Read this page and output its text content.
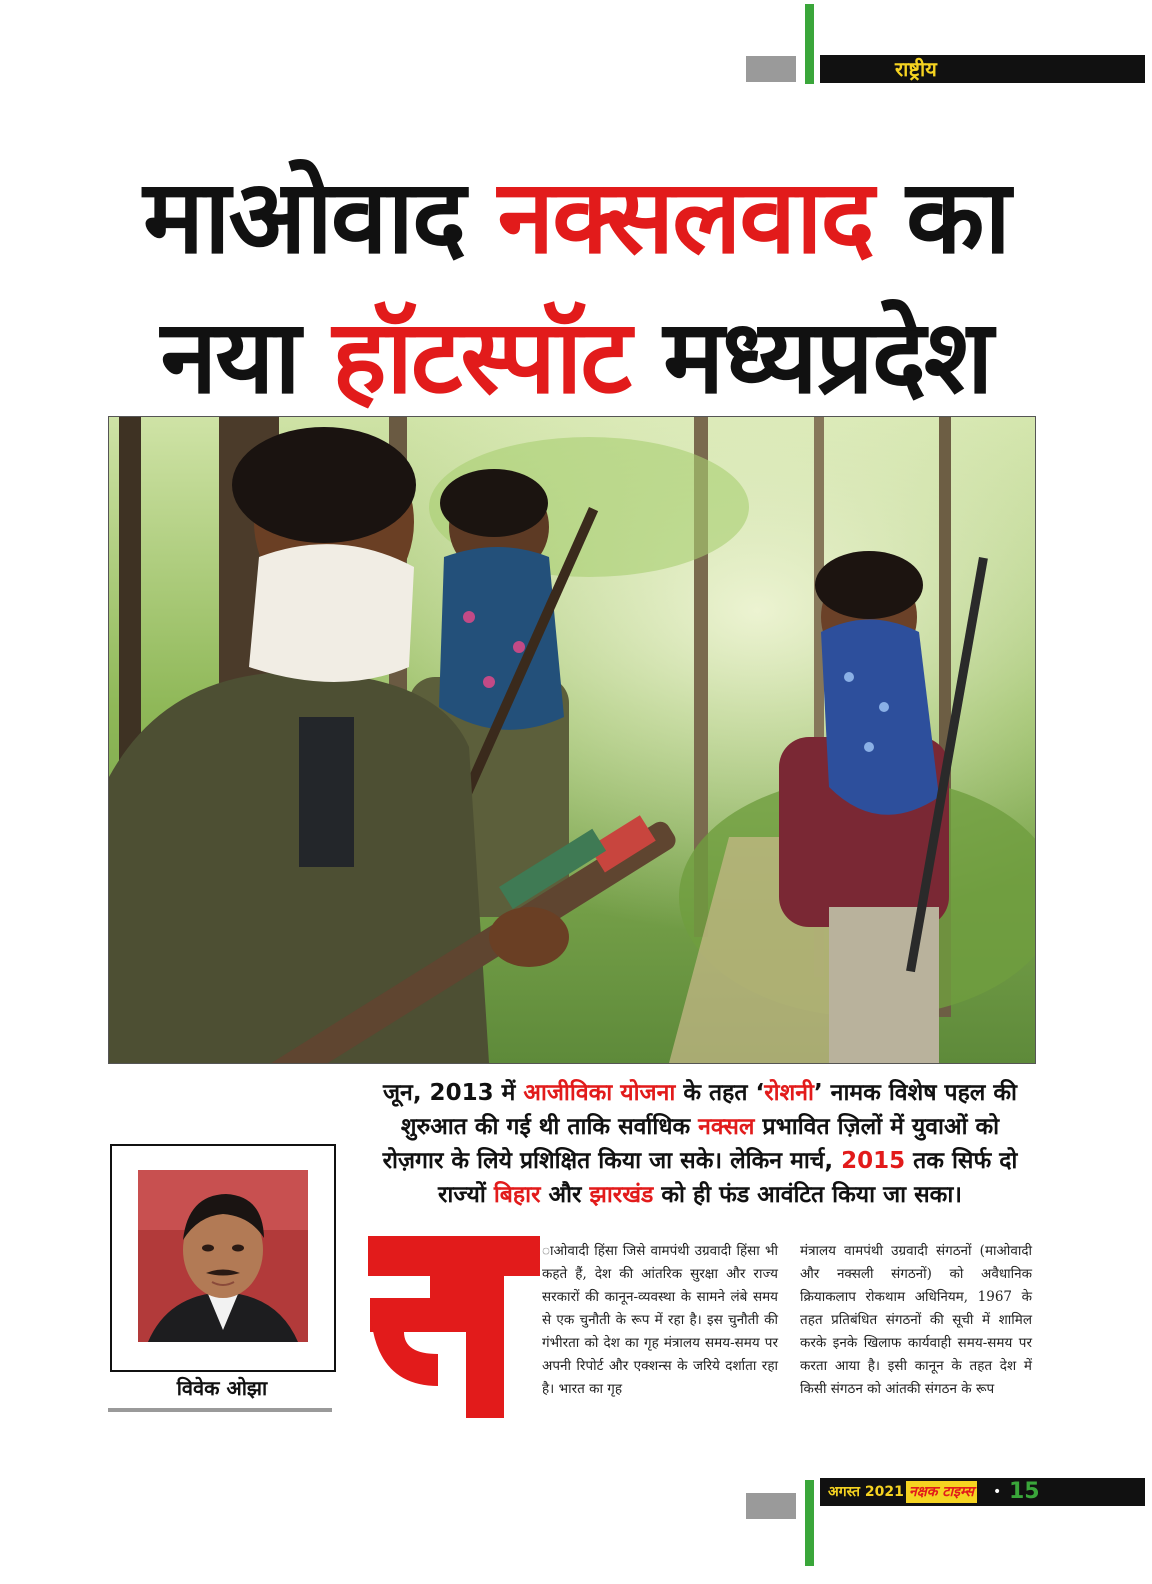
राष्ट्रीय
माओवाद नक्सलवाद का
नया हॉटस्पॉट मध्यप्रदेश
जून, 2013 में आजीविका योजना के तहत ‘रोशनी’ नामक विशेष पहल की शुरुआत की गई थी ताकि सर्वाधिक नक्सल प्रभावित ज़िलों में युवाओं को रोज़गार के लिये प्रशिक्षित किया जा सके। लेकिन मार्च, 2015 तक सिर्फ दो राज्यों बिहार और झारखंड को ही फंड आवंटित किया जा सका।
विवेक ओझा
ाओवादी हिंसा जिसे वामपंथी उग्रवादी हिंसा भी कहते हैं, देश की आंतरिक सुरक्षा और राज्य सरकारों की कानून-व्यवस्था के सामने लंबे समय से एक चुनौती के रूप में रहा है। इस चुनौती की गंभीरता को देश का गृह मंत्रालय समय-समय पर अपनी रिपोर्ट और एक्शन्स के जरिये दर्शाता रहा है। भारत का गृह
मंत्रालय वामपंथी उग्रवादी संगठनों (माओवादी और नक्सली संगठनों) को अवैधानिक क्रियाकलाप रोकथाम अधिनियम, 1967 के तहत प्रतिबंधित संगठनों की सूची में शामिल करके इनके खिलाफ कार्यवाही समय-समय पर करता आया है। इसी कानून के तहत देश में किसी संगठन को आंतकी संगठन के रूप
अगस्त 2021 नक्षक टाइम्स • 15
